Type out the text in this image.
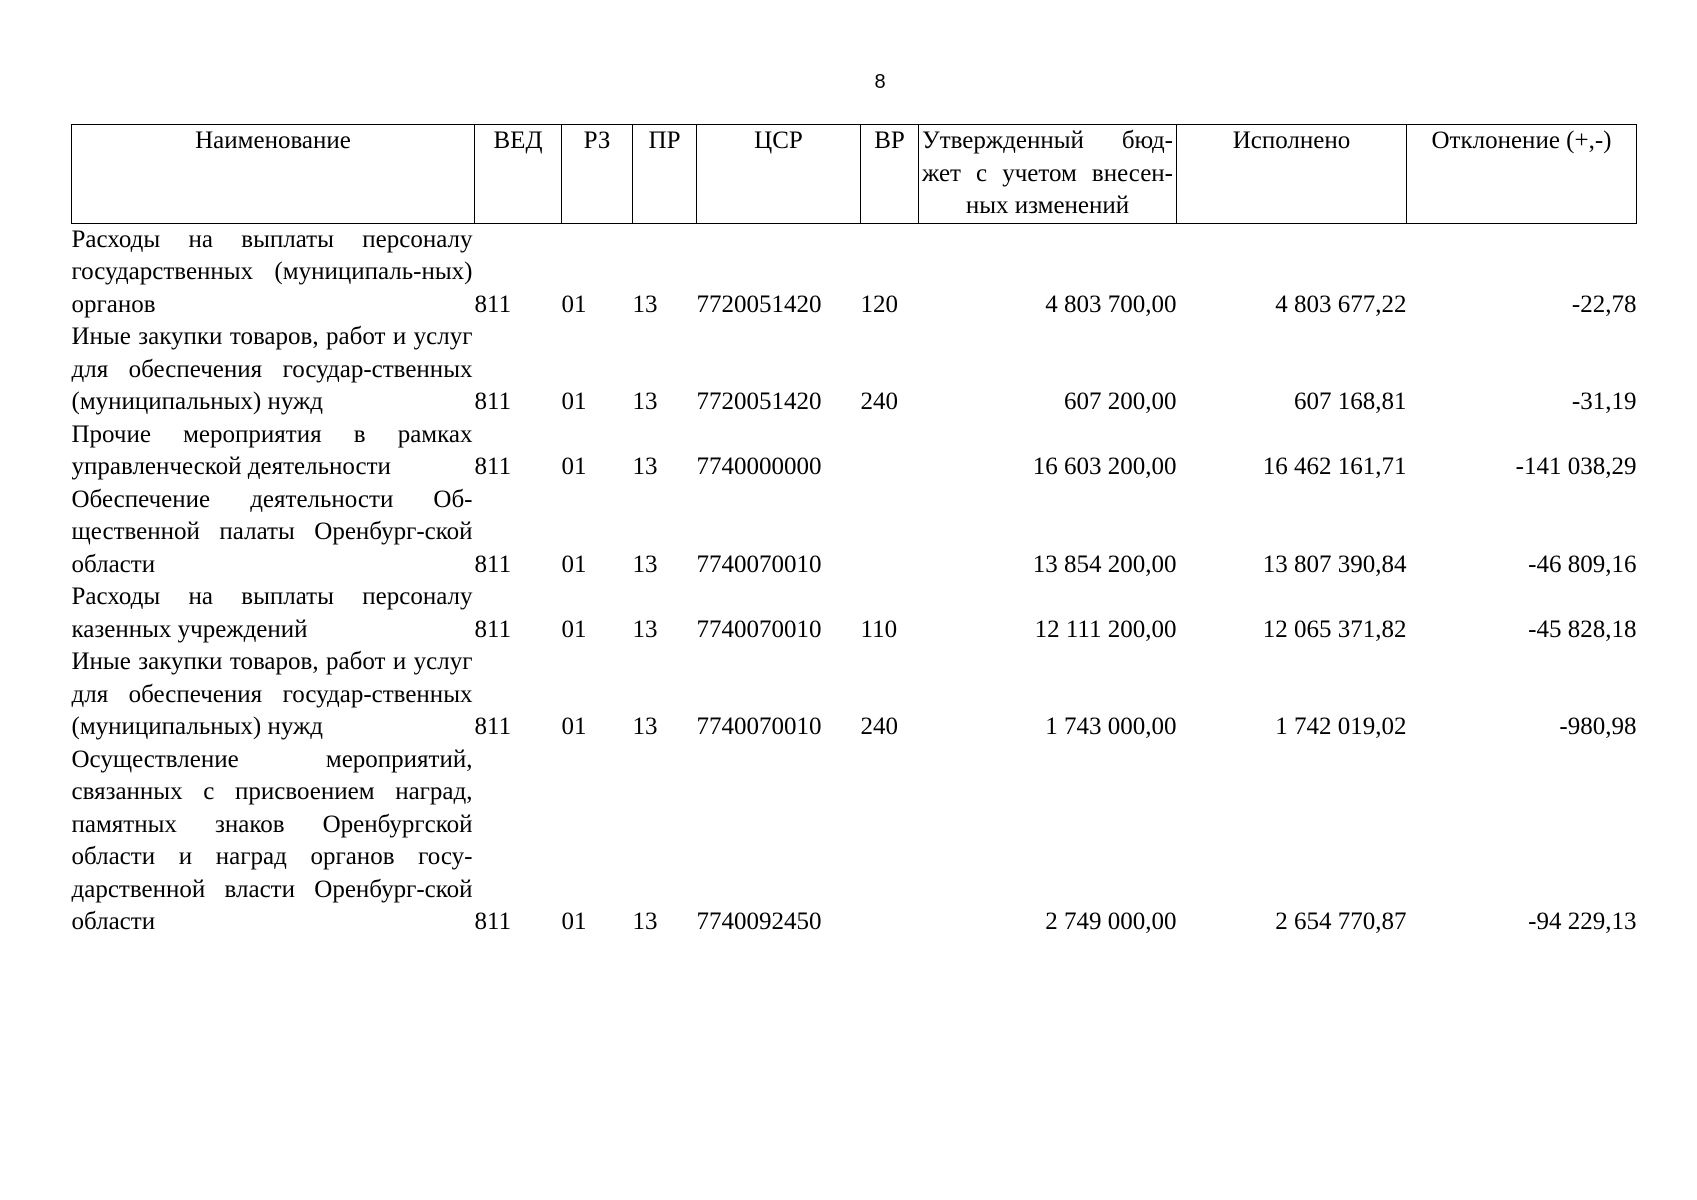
8
Наименование	ВЕД	РЗ	ПР	ЦСР	ВР	Утвержденный бюд-жет с учетом внесен-ных изменений	Исполнено	Отклонение (+,-)
Расходы на выплаты персоналу государственных (муниципаль-ных) органов	811	01	13	7720051420	120	4 803 700,00	4 803 677,22	-22,78
Иные закупки товаров, работ и услуг для обеспечения государ-ственных (муниципальных) нужд	811	01	13	7720051420	240	607 200,00	607 168,81	-31,19
Прочие мероприятия в рамках управленческой деятельности	811	01	13	7740000000		16 603 200,00	16 462 161,71	-141 038,29
Обеспечение деятельности Об-щественной палаты Оренбург-ской области	811	01	13	7740070010		13 854 200,00	13 807 390,84	-46 809,16
Расходы на выплаты персоналу казенных учреждений	811	01	13	7740070010	110	12 111 200,00	12 065 371,82	-45 828,18
Иные закупки товаров, работ и услуг для обеспечения государ-ственных (муниципальных) нужд	811	01	13	7740070010	240	1 743 000,00	1 742 019,02	-980,98
Осуществление мероприятий, связанных с присвоением наград, памятных знаков Оренбургской области и наград органов госу-дарственной власти Оренбург-ской области	811	01	13	7740092450		2 749 000,00	2 654 770,87	-94 229,13
